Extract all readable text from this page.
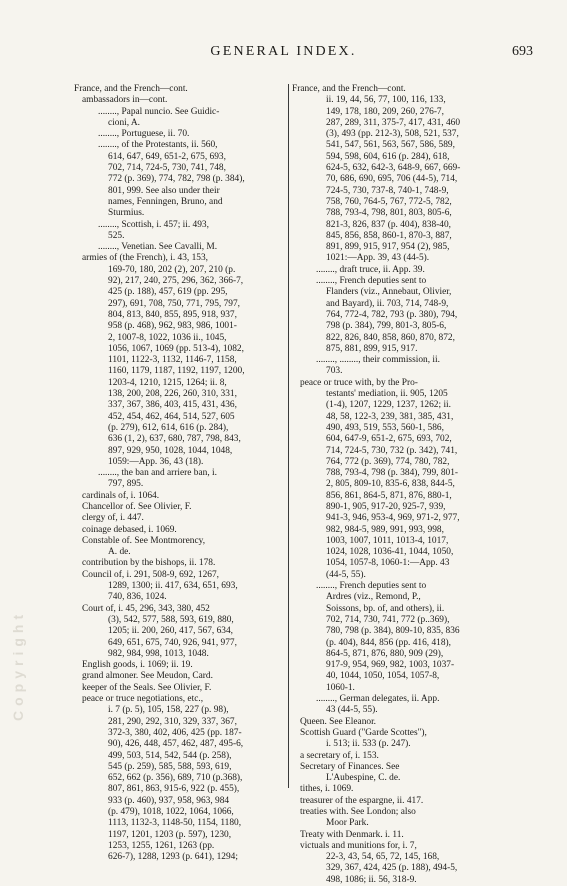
GENERAL INDEX.	693
France, and the French—cont.
ambassadors in—cont.
........, Papal nuncio. See Guidic-
cioni, A.
........, Portuguese, ii. 70.
........, of the Protestants, ii. 560,
614, 647, 649, 651-2, 675, 693,
702, 714, 724-5, 730, 741, 748,
772 (p. 369), 774, 782, 798 (p. 384),
801, 999. See also under their
names, Fenningen, Bruno, and
Sturmius.
........, Scottish, i. 457; ii. 493,
525.
........, Venetian. See Cavalli, M.
armies of (the French), i. 43, 153,
169-70, 180, 202 (2), 207, 210 (p.
92), 217, 240, 275, 296, 362, 366-7,
425 (p. 188), 457, 619 (pp. 295,
297), 691, 708, 750, 771, 795, 797,
804, 813, 840, 855, 895, 918, 937,
958 (p. 468), 962, 983, 986, 1001-
2, 1007-8, 1022, 1036 ii., 1045,
1056, 1067, 1069 (pp. 513-4), 1082,
1101, 1122-3, 1132, 1146-7, 1158,
1160, 1179, 1187, 1192, 1197, 1200,
1203-4, 1210, 1215, 1264; ii. 8,
138, 200, 208, 226, 260, 310, 331,
337, 367, 386, 403, 415, 431, 436,
452, 454, 462, 464, 514, 527, 605
(p. 279), 612, 614, 616 (p. 284),
636 (1, 2), 637, 680, 787, 798, 843,
897, 929, 950, 1028, 1044, 1048,
1059:—App. 36, 43 (18).
........, the ban and arriere ban, i.
797, 895.
cardinals of, i. 1064.
Chancellor of. See Olivier, F.
clergy of, i. 447.
coinage debased, i. 1069.
Constable of. See Montmorency,
A. de.
contribution by the bishops, ii. 178.
Council of, i. 291, 508-9, 692, 1267,
1289, 1300; ii. 417, 634, 651, 693,
740, 836, 1024.
Court of, i. 45, 296, 343, 380, 452
(3), 542, 577, 588, 593, 619, 880,
1205; ii. 200, 260, 417, 567, 634,
649, 651, 675, 740, 926, 941, 977,
982, 984, 998, 1013, 1048.
English goods, i. 1069; ii. 19.
grand almoner. See Meudon, Card.
keeper of the Seals. See Olivier, F.
peace or truce negotiations, etc.,
i. 7 (p. 5), 105, 158, 227 (p. 98),
281, 290, 292, 310, 329, 337, 367,
372-3, 380, 402, 406, 425 (pp. 187-
90), 426, 448, 457, 462, 487, 495-6,
499, 503, 514, 542, 544 (p. 258),
545 (p. 259), 585, 588, 593, 619,
652, 662 (p. 356), 689, 710 (p.368),
807, 861, 863, 915-6, 922 (p. 455),
933 (p. 460), 937, 958, 963, 984
(p. 479), 1018, 1022, 1064, 1066,
1113, 1132-3, 1148-50, 1154, 1180,
1197, 1201, 1203 (p. 597), 1230,
1253, 1255, 1261, 1263 (pp.
626-7), 1288, 1293 (p. 641), 1294;
France, and the French—cont.
ii. 19, 44, 56, 77, 100, 116, 133,
149, 178, 180, 209, 260, 276-7,
287, 289, 311, 375-7, 417, 431, 460
(3), 493 (pp. 212-3), 508, 521, 537,
541, 547, 561, 563, 567, 586, 589,
594, 598, 604, 616 (p. 284), 618,
624-5, 632, 642-3, 648-9, 667, 669-
70, 686, 690, 695, 706 (44-5), 714,
724-5, 730, 737-8, 740-1, 748-9,
758, 760, 764-5, 767, 772-5, 782,
788, 793-4, 798, 801, 803, 805-6,
821-3, 826, 837 (p. 404), 838-40,
845, 856, 858, 860-1, 870-3, 887,
891, 899, 915, 917, 954 (2), 985,
1021:—App. 39, 43 (44-5).
........, draft truce, ii. App. 39.
........, French deputies sent to
Flanders (viz., Annebaut, Olivier,
and Bayard), ii. 703, 714, 748-9,
764, 772-4, 782, 793 (p. 380), 794,
798 (p. 384), 799, 801-3, 805-6,
822, 826, 840, 858, 860, 870, 872,
875, 881, 899, 915, 917.
........, ........, their commission, ii.
703.
peace or truce with, by the Pro-
testants' mediation, ii. 905, 1205
(1-4), 1207, 1229, 1237, 1262; ii.
48, 58, 122-3, 239, 381, 385, 431,
490, 493, 519, 553, 560-1, 586,
604, 647-9, 651-2, 675, 693, 702,
714, 724-5, 730, 732 (p. 342), 741,
764, 772 (p. 369), 774, 780, 782,
788, 793-4, 798 (p. 384), 799, 801-
2, 805, 809-10, 835-6, 838, 844-5,
856, 861, 864-5, 871, 876, 880-1,
890-1, 905, 917-20, 925-7, 939,
941-3, 946, 953-4, 969, 971-2, 977,
982, 984-5, 989, 991, 993, 998,
1003, 1007, 1011, 1013-4, 1017,
1024, 1028, 1036-41, 1044, 1050,
1054, 1057-8, 1060-1:—App. 43
(44-5, 55).
........, French deputies sent to
Ardres (viz., Remond, P.,
Soissons, bp. of, and others), ii.
702, 714, 730, 741, 772 (p..369),
780, 798 (p. 384), 809-10, 835, 836
(p. 404), 844, 856 (pp. 416, 418),
864-5, 871, 876, 880, 909 (29),
917-9, 954, 969, 982, 1003, 1037-
40, 1044, 1050, 1054, 1057-8,
1060-1.
........, German delegates, ii. App.
43 (44-5, 55).
Queen. See Eleanor.
Scottish Guard ("Garde Scottes"),
i. 513; ii. 533 (p. 247).
a secretary of, i. 153.
Secretary of Finances. See
L'Aubespine, C. de.
tithes, i. 1069.
treasurer of the espargne, ii. 417.
treaties with. See London; also
Moor Park.
Treaty with Denmark. i. 11.
victuals and munitions for, i. 7,
22-3, 43, 54, 65, 72, 145, 168,
329, 367, 424, 425 (p. 188), 494-5,
498, 1086; ii. 56, 318-9.
Copyright
